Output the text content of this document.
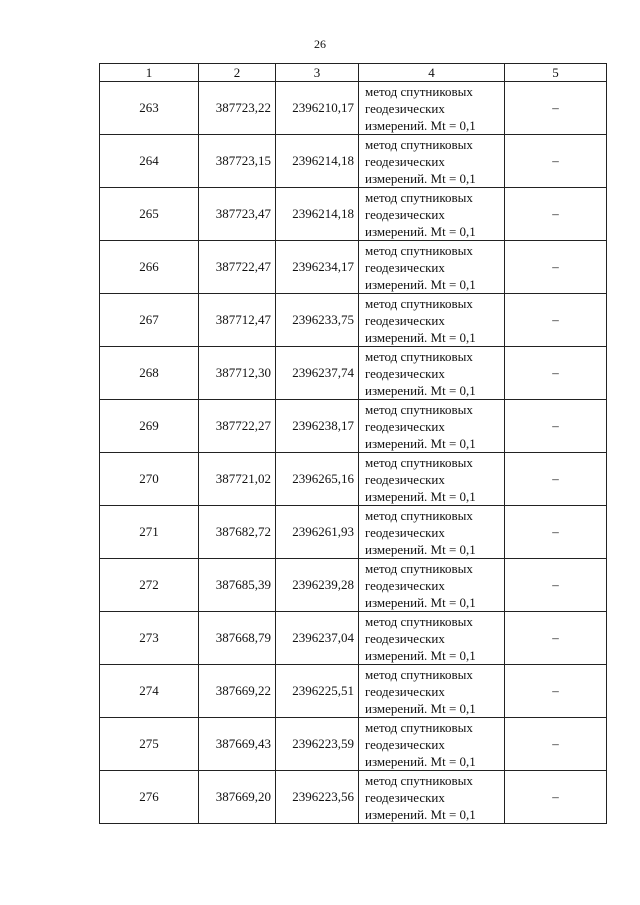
26
1	2	3	4	5
263	387723,22	2396210,17	метод спутниковых
геодезических
измерений. Mt = 0,1	–
264	387723,15	2396214,18	метод спутниковых
геодезических
измерений. Mt = 0,1	–
265	387723,47	2396214,18	метод спутниковых
геодезических
измерений. Mt = 0,1	–
266	387722,47	2396234,17	метод спутниковых
геодезических
измерений. Mt = 0,1	–
267	387712,47	2396233,75	метод спутниковых
геодезических
измерений. Mt = 0,1	–
268	387712,30	2396237,74	метод спутниковых
геодезических
измерений. Mt = 0,1	–
269	387722,27	2396238,17	метод спутниковых
геодезических
измерений. Mt = 0,1	–
270	387721,02	2396265,16	метод спутниковых
геодезических
измерений. Mt = 0,1	–
271	387682,72	2396261,93	метод спутниковых
геодезических
измерений. Mt = 0,1	–
272	387685,39	2396239,28	метод спутниковых
геодезических
измерений. Mt = 0,1	–
273	387668,79	2396237,04	метод спутниковых
геодезических
измерений. Mt = 0,1	–
274	387669,22	2396225,51	метод спутниковых
геодезических
измерений. Mt = 0,1	–
275	387669,43	2396223,59	метод спутниковых
геодезических
измерений. Mt = 0,1	–
276	387669,20	2396223,56	метод спутниковых
геодезических
измерений. Mt = 0,1	–
